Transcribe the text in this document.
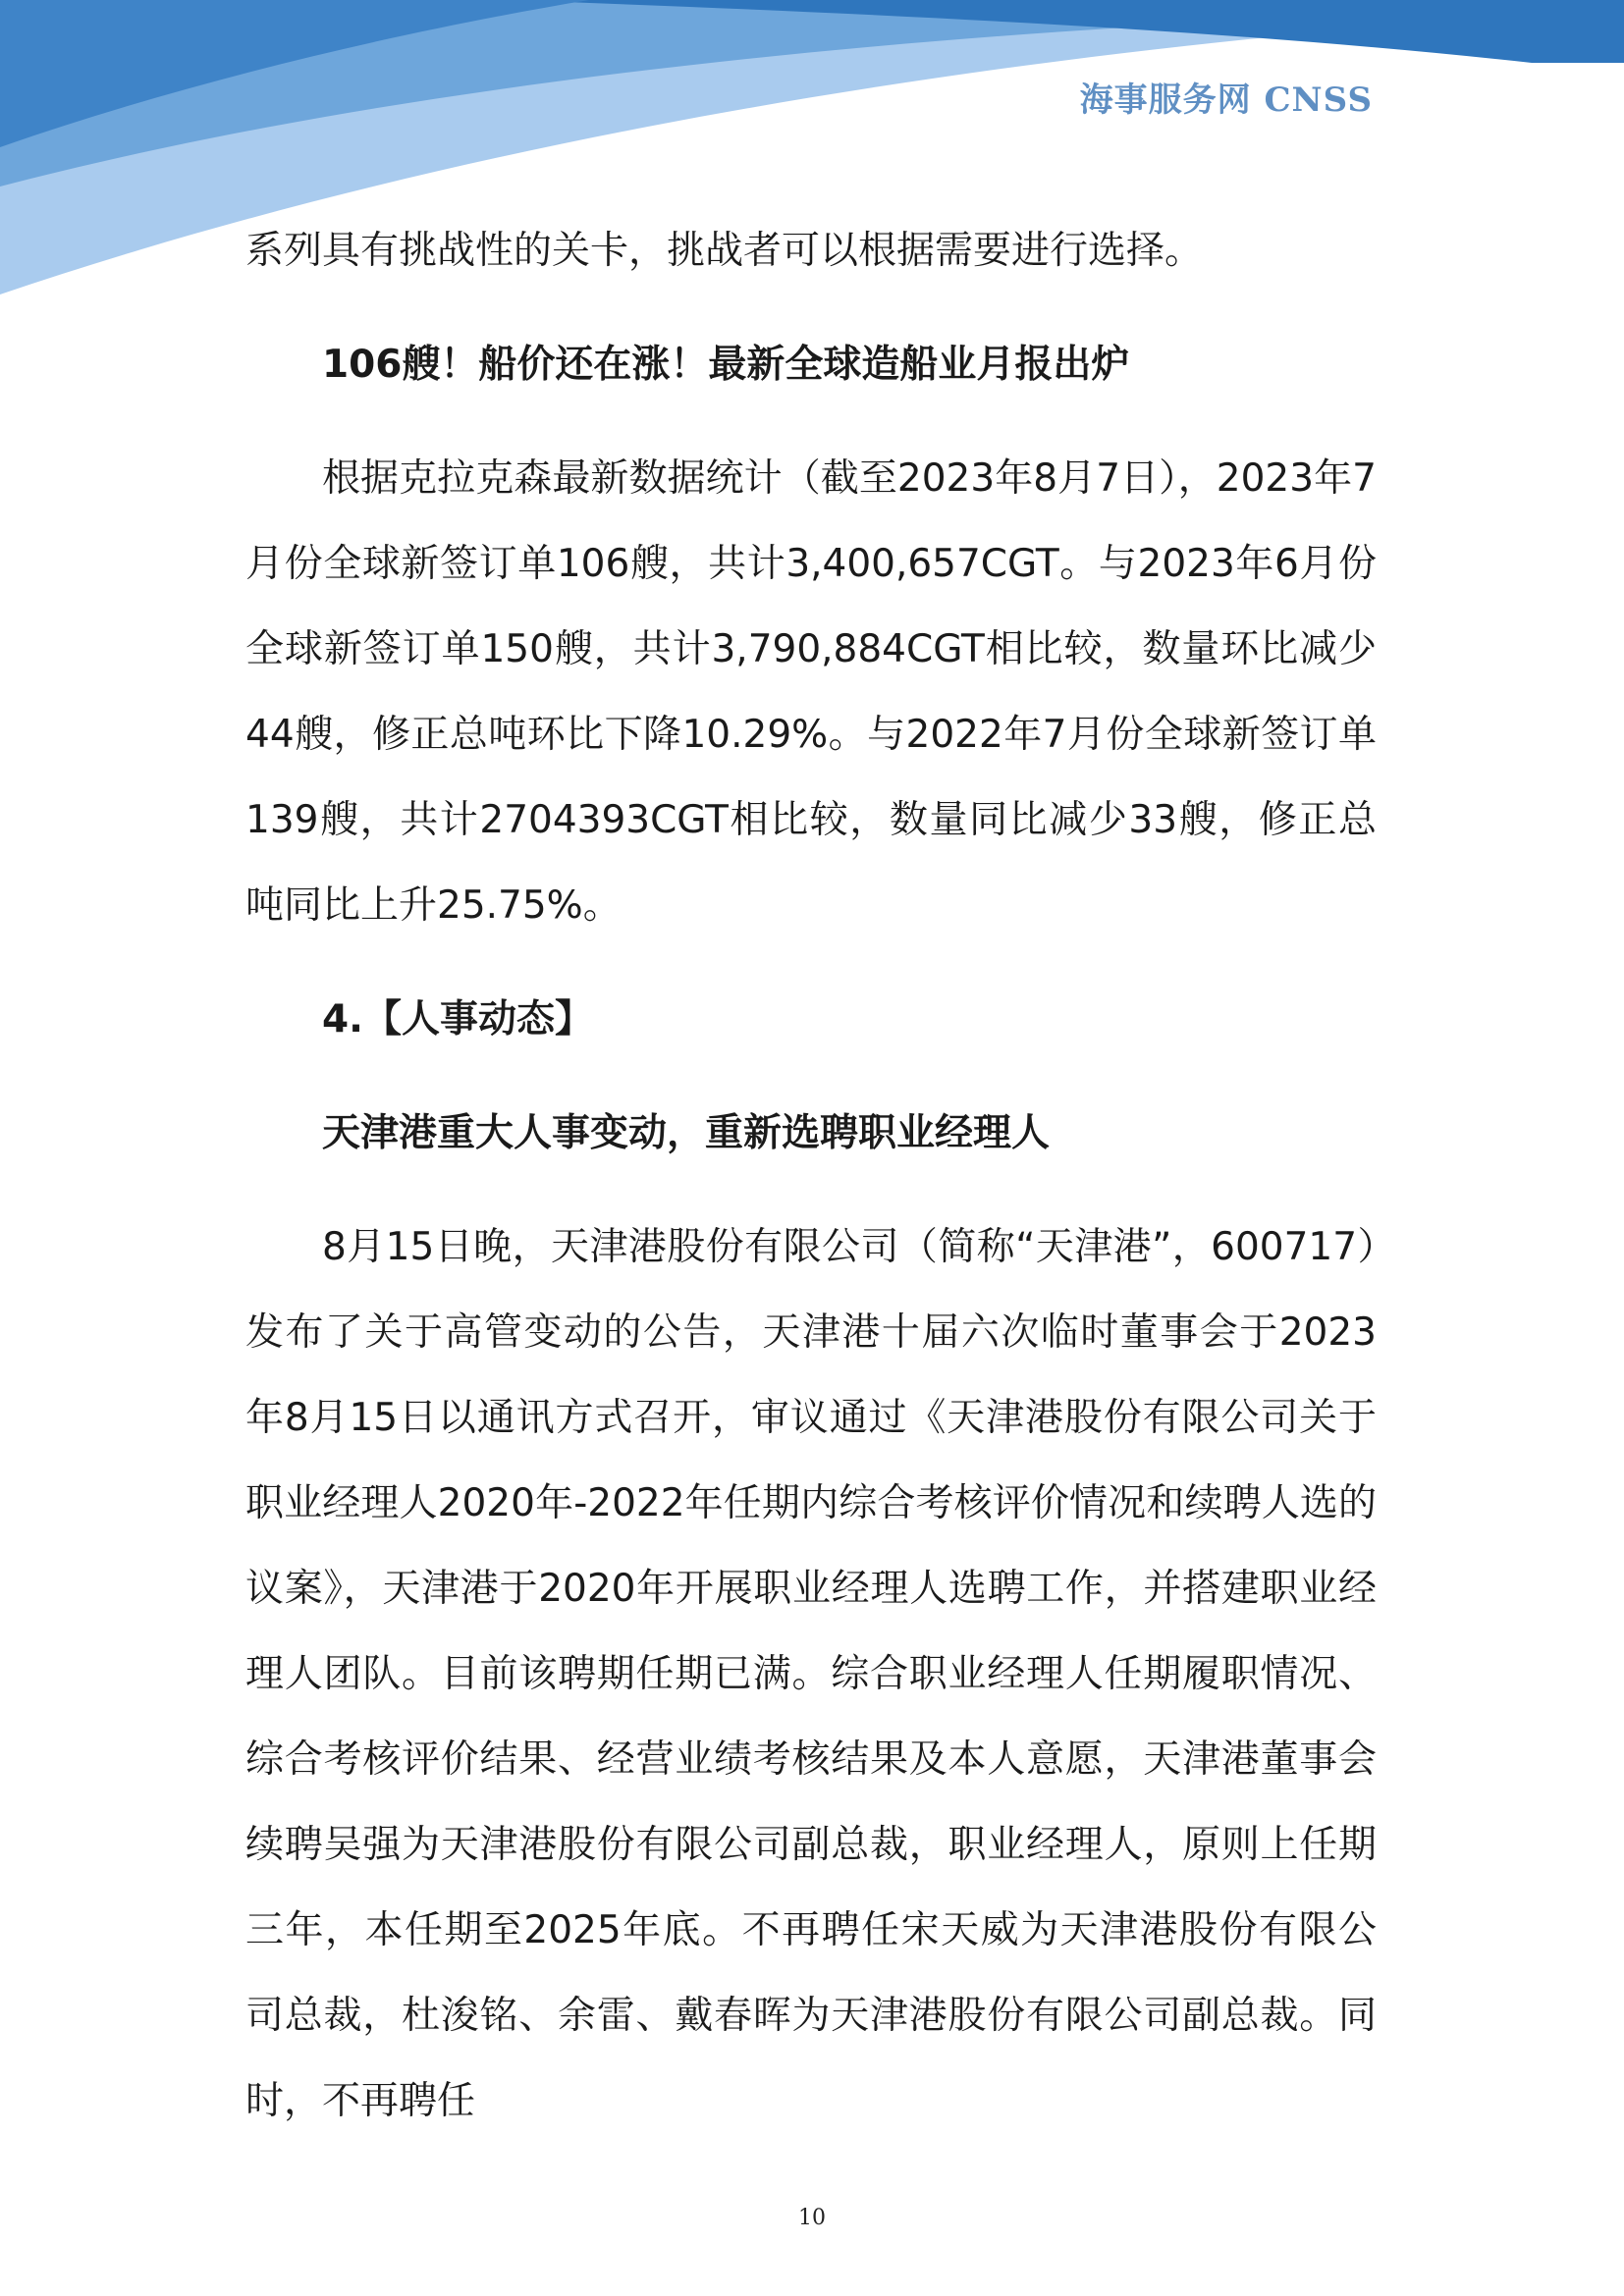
海事服务网 CNSS

系列具有挑战性的关卡，挑战者可以根据需要进行选择。

106艘！船价还在涨！最新全球造船业月报出炉

根据克拉克森最新数据统计（截至2023年8月7日），2023年7月份全球新签订单106艘，共计3,400,657CGT。与2023年6月份全球新签订单150艘，共计3,790,884CGT相比较，数量环比减少44艘，修正总吨环比下降10.29%。与2022年7月份全球新签订单139艘，共计2704393CGT相比较，数量同比减少33艘，修正总吨同比上升25.75%。

4.【人事动态】

天津港重大人事变动，重新选聘职业经理人

8月15日晚，天津港股份有限公司（简称“天津港”，600717）发布了关于高管变动的公告，天津港十届六次临时董事会于2023年8月15日以通讯方式召开，审议通过《天津港股份有限公司关于职业经理人2020年-2022年任期内综合考核评价情况和续聘人选的议案》，天津港于2020年开展职业经理人选聘工作，并搭建职业经理人团队。目前该聘期任期已满。综合职业经理人任期履职情况、综合考核评价结果、经营业绩考核结果及本人意愿，天津港董事会续聘吴强为天津港股份有限公司副总裁，职业经理人，原则上任期三年，本任期至2025年底。不再聘任宋天威为天津港股份有限公司总裁，杜浚铭、余雷、戴春晖为天津港股份有限公司副总裁。同时，不再聘任

10
